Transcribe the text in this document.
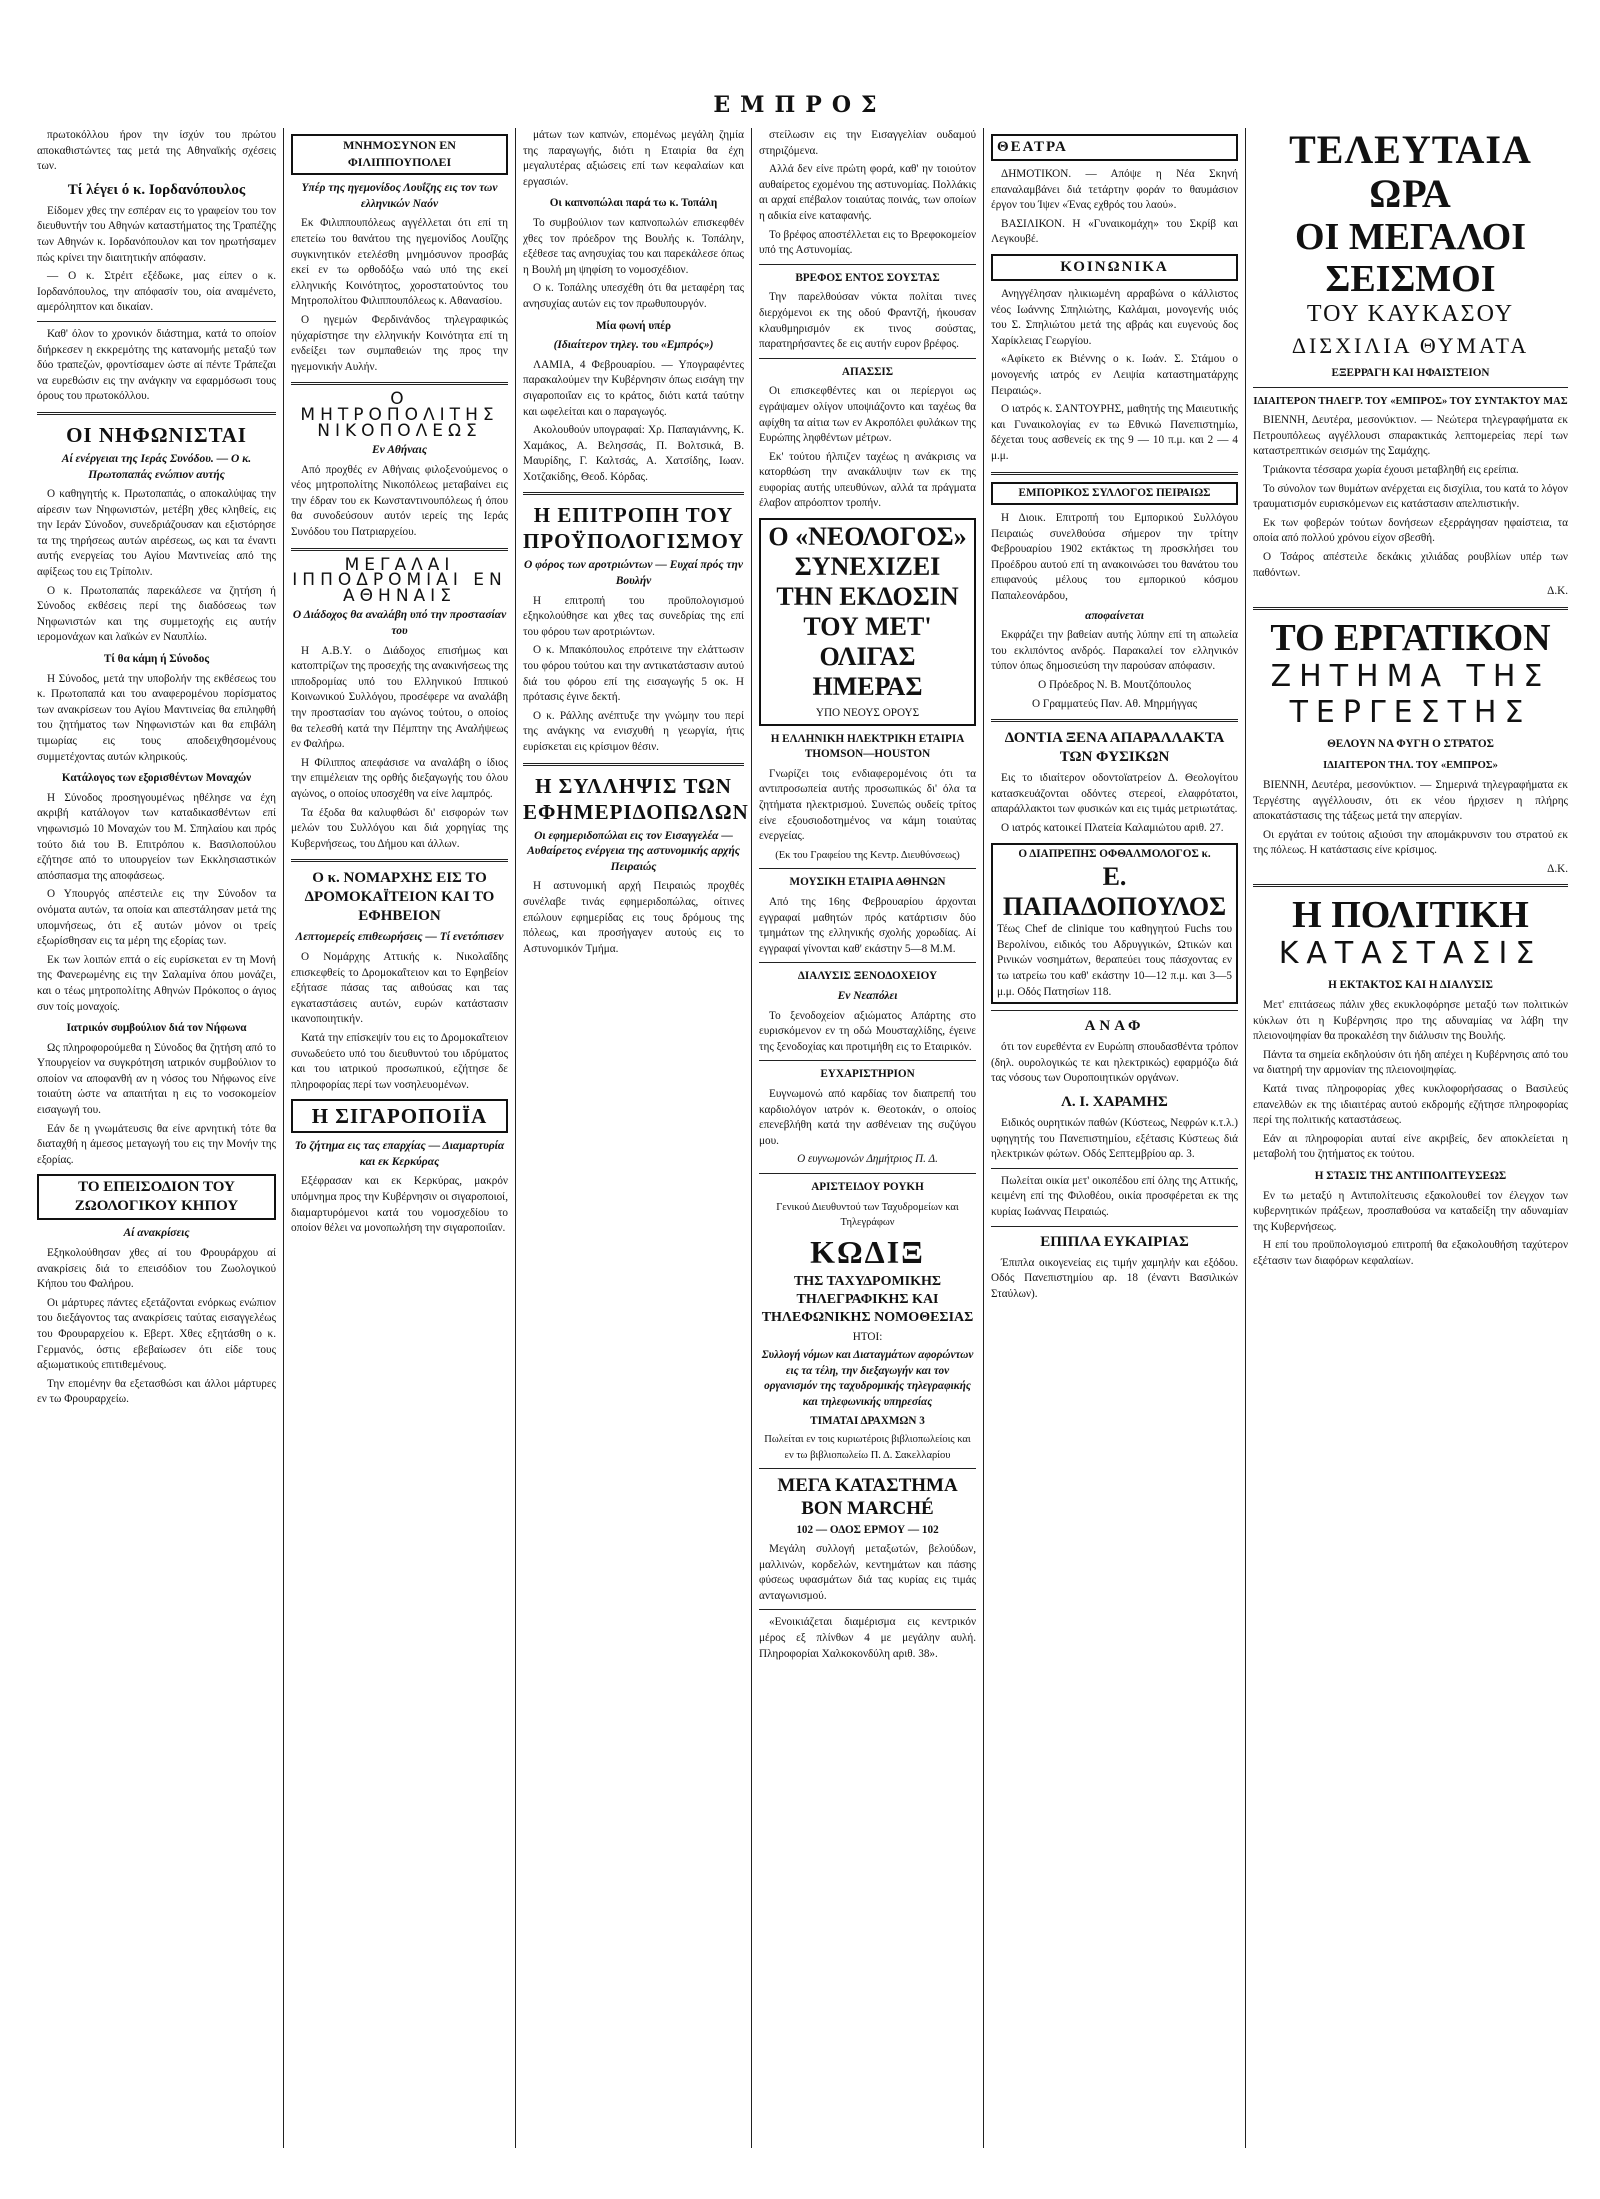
ΕΜΠΡΟΣ

πρωτοκόλλου ήρον την ίσχύν του πρώτου αποκαθιστώντες τας μετά της Αθηναϊκής σχέσεις των.

Τί λέγει ό κ. Ιορδανόπουλος

Είδομεν χθες την εσπέραν εις το γραφείον του τον διευθυντήν του Αθηνών καταστήματος της Τραπέζης των Αθηνών κ. Ιορδανόπουλον και τον ηρωτήσαμεν πώς κρίνει την διαιτητικήν απόφασιν.

— Ο κ. Στρέιτ εξέδωκε, μας είπεν ο κ. Ιορδανόπουλος, την απόφασίν του, οία αναμένετο, αμερόληπτον και δικαίαν.

Καθ' όλον το χρονικόν διάστημα, κατά το οποίον διήρκεσεν η εκκρεμότης της κατανομής μεταξύ των δύο τραπεζών, φροντίσαμεν ώστε αί πέντε Τράπεζαι να ευρεθώσιν εις την ανάγκην να εφαρμόσωσι τους όρους του πρωτοκόλλου.

ΟΙ ΝΗΦΩΝΙΣΤΑΙ

Αί ενέργειαι της Ιεράς Συνόδου. — Ο κ. Πρωτοπαπάς ενώπιον αυτής

Ο καθηγητής κ. Πρωτοπαπάς, ο αποκαλύψας την αίρεσιν των Νηφωνιστών, μετέβη χθες κληθείς, εις την Ιεράν Σύνοδον, συνεδριάζουσαν και εξιστόρησε τα της τηρήσεως αυτών αιρέσεως, ως και τα έναντι αυτής ενεργείας του Αγίου Μαντινείας από της αφίξεως του εις Τρίπολιν.

Ο κ. Πρωτοπαπάς παρεκάλεσε να ζητήση ή Σύνοδος εκθέσεις περί της διαδόσεως των Νηφωνιστών και της συμμετοχής εις αυτήν ιερομονάχων και λαϊκών εν Ναυπλίω.

Τί θα κάμη ή Σύνοδος

Η Σύνοδος, μετά την υποβολήν της εκθέσεως του κ. Πρωτοπαπά και του αναφερομένου πορίσματος των ανακρίσεων του Αγίου Μαντινείας θα επιληφθή του ζητήματος των Νηφωνιστών και θα επιβάλη τιμωρίας εις τους αποδειχθησομένους συμμετέχοντας αυτών κληρικούς.

Κατάλογος των εξορισθέντων Μοναχών

Η Σύνοδος προσηγουμένως ηθέλησε να έχη ακριβή κατάλογον των καταδικασθέντων επί νηφωνισμώ 10 Μοναχών του Μ. Σπηλαίου και πρός τούτο διά του Β. Επιτρόπου κ. Βασιλοπούλου εζήτησε από το υπουργείον των Εκκλησιαστικών απόσπασμα της αποφάσεως.

Ο Υπουργός απέστειλε εις την Σύνοδον τα ονόματα αυτών, τα οποία και απεστάλησαν μετά της υπομνήσεως, ότι εξ αυτών μόνον οι τρείς εξωρίσθησαν εις τα μέρη της εξορίας των.

Εκ των λοιπών επτά ο είς ευρίσκεται εν τη Μονή της Φανερωμένης εις την Σαλαμίνα όπου μονάζει, και ο τέως μητροπολίτης Αθηνών Πρόκοπος ο άγιος συν τοίς μοναχοίς.

Ιατρικόν συμβούλιον διά τον Νήφωνα

Ως πληροφορούμεθα η Σύνοδος θα ζητήση από το Υπουργείον να συγκρότηση ιατρικόν συμβούλιον το οποίον να αποφανθή αν η νόσος του Νήφωνος είνε τοιαύτη ώστε να απαιτήται η εις το νοσοκομείον εισαγωγή του.

Εάν δε η γνωμάτευσις θα είνε αρνητική τότε θα διαταχθή η άμεσος μεταγωγή του εις την Μονήν της εξορίας.

ΤΟ ΕΠΕΙΣΟΔΙΟΝ ΤΟΥ ΖΩΟΛΟΓΙΚΟΥ ΚΗΠΟΥ

Αί ανακρίσεις

Εξηκολούθησαν χθες αί του Φρουράρχου αί ανακρίσεις διά το επεισόδιον του Ζωολογικού Κήπου του Φαλήρου.

Οι μάρτυρες πάντες εξετάζονται ενόρκως ενώπιον του διεξάγοντος τας ανακρίσεις ταύτας εισαγγελέως του Φρουραρχείου κ. Εβερτ. Χθες εξητάσθη ο κ. Γερμανός, όστις εβεβαίωσεν ότι είδε τους αξιωματικούς επιτιθεμένους.

Την επομένην θα εξετασθώσι και άλλοι μάρτυρες εν τω Φρουραρχείω.

ΜΝΗΜΟΣΥΝΟΝ ΕΝ ΦΙΛΙΠΠΟΥΠΟΛΕΙ

Υπέρ της ηγεμονίδος Λουΐζης εις τον των ελληνικών Ναόν

Εκ Φιλιππουπόλεως αγγέλλεται ότι επί τη επετείω του θανάτου της ηγεμονίδος Λουΐζης συγκινητικόν ετελέσθη μνημόσυνον προσβάς εκεί εν τω ορθοδόξω ναώ υπό της εκεί ελληνικής Κοινότητος, χοροστατούντος του Μητροπολίτου Φιλιππουπόλεως κ. Αθανασίου.

Ο ηγεμών Φερδινάνδος τηλεγραφικώς ηύχαρίστησε την ελληνικήν Κοινότητα επί τη ενδείξει των συμπαθειών της προς την ηγεμονικήν Αυλήν.

Ο ΜΗΤΡΟΠΟΛΙΤΗΣ ΝΙΚΟΠΟΛΕΩΣ

Εν Αθήναις

Από προχθές εν Αθήναις φιλοξενούμενος ο νέος μητροπολίτης Νικοπόλεως μεταβαίνει εις την έδραν του εκ Κωνσταντινουπόλεως ή όπου θα συνοδεύσουν αυτόν ιερείς της Ιεράς Συνόδου του Πατριαρχείου.

ΜΕΓΑΛΑΙ ΙΠΠΟΔΡΟΜΙΑΙ ΕΝ ΑΘΗΝΑΙΣ

Ο Διάδοχος θα αναλάβη υπό την προστασίαν του

Η Α.Β.Υ. ο Διάδοχος επισήμως και κατοπτρίζων της προσεχής της ανακινήσεως της ιπποδρομίας υπό του Ελληνικού Ιππικού Κοινωνικού Συλλόγου, προσέφερε να αναλάβη την προστασίαν του αγώνος τούτου, ο οποίος θα τελεσθή κατά την Πέμπτην της Αναλήψεως εν Φαλήρω.

Η Φίλιππος απεφάσισε να αναλάβη ο ίδιος την επιμέλειαν της ορθής διεξαγωγής του όλου αγώνος, ο οποίος υποσχέθη να είνε λαμπρός.

Τα έξοδα θα καλυφθώσι δι' εισφορών των μελών του Συλλόγου και διά χορηγίας της Κυβερνήσεως, του Δήμου και άλλων.

Ο κ. ΝΟΜΑΡΧΗΣ ΕΙΣ ΤΟ ΔΡΟΜΟΚΑΪΤΕΙΟΝ ΚΑΙ ΤΟ ΕΦΗΒΕΙΟΝ

Λεπτομερείς επιθεωρήσεις — Τί ενετόπισεν

Ο Νομάρχης Αττικής κ. Νικολαΐδης επισκεφθείς το Δρομοκαΐτειον και το Εφηβείον εξήτασε πάσας τας αιθούσας και τας εγκαταστάσεις αυτών, ευρών κατάστασιν ικανοποιητικήν.

Κατά την επίσκεψίν του εις το Δρομοκαΐτειον συνωδεύετο υπό του διευθυντού του ιδρύματος και του ιατρικού προσωπικού, εζήτησε δε πληροφορίας περί των νοσηλευομένων.

Η ΣΙΓΑΡΟΠΟΙΪΑ

Το ζήτημα εις τας επαρχίας — Διαμαρτυρία και εκ Κερκύρας

Εξέφρασαν και εκ Κερκύρας, μακρόν υπόμνημα προς την Κυβέρνησιν οι σιγαροποιοί, διαμαρτυρόμενοι κατά του νομοσχεδίου το οποίον θέλει να μονοπωλήση την σιγαροποιΐαν.

μάτων των καπνών, επομένως μεγάλη ζημία της παραγωγής, διότι η Εταιρία θα έχη μεγαλυτέρας αξιώσεις επί των κεφαλαίων και εργασιών.

Οι καπνοπώλαι παρά τω κ. Τοπάλη

Το συμβούλιον των καπνοπωλών επισκεφθέν χθες τον πρόεδρον της Βουλής κ. Τοπάλην, εξέθεσε τας ανησυχίας του και παρεκάλεσε όπως η Βουλή μη ψηφίση το νομοσχέδιον.

Ο κ. Τοπάλης υπεσχέθη ότι θα μεταφέρη τας ανησυχίας αυτών εις τον πρωθυπουργόν.

Μία φωνή υπέρ

(Ιδιαίτερον τηλεγ. του «Εμπρός»)

ΛΑΜΙΑ, 4 Φεβρουαρίου. — Υπογραφέντες παρακαλούμεν την Κυβέρνησιν όπως εισάγη την σιγαροποιΐαν εις το κράτος, διότι κατά ταύτην και ωφελείται και ο παραγωγός.

Ακολουθούν υπογραφαί: Χρ. Παπαγιάννης, Κ. Χαμάκος, Α. Βελησσάς, Π. Βολτσικά, Β. Μαυρίδης, Γ. Καλτσάς, Α. Χατσίδης, Ιωαν. Χοτζακίδης, Θεοδ. Κόρδας.

Η ΕΠΙΤΡΟΠΗ ΤΟΥ ΠΡΟΫΠΟΛΟΓΙΣΜΟΥ

Ο φόρος των αροτριώντων — Ευχαί πρός την Βουλήν

Η επιτροπή του προϋπολογισμού εξηκολούθησε και χθες τας συνεδρίας της επί του φόρου των αροτριώντων.

Ο κ. Μπακόπουλος επρότεινε την ελάττωσιν του φόρου τούτου και την αντικατάστασιν αυτού διά του φόρου επί της εισαγωγής 5 οκ. Η πρότασις έγινε δεκτή.

Ο κ. Ράλλης ανέπτυξε την γνώμην του περί της ανάγκης να ενισχυθή η γεωργία, ήτις ευρίσκεται εις κρίσιμον θέσιν.

Η ΣΥΛΛΗΨΙΣ ΤΩΝ ΕΦΗΜΕΡΙΔΟΠΩΛΩΝ

Οι εφημεριδοπώλαι εις τον Εισαγγελέα — Αυθαίρετος ενέργεια της αστυνομικής αρχής Πειραιώς

Η αστυνομική αρχή Πειραιώς προχθές συνέλαβε τινάς εφημεριδοπώλας, οίτινες επώλουν εφημερίδας εις τους δρόμους της πόλεως, και προσήγαγεν αυτούς εις το Αστυνομικόν Τμήμα.

στείλωσιν εις την Εισαγγελίαν ουδαμού στηριζόμενα.

Αλλά δεν είνε πρώτη φορά, καθ' ην τοιούτον αυθαίρετος εχομένου της αστυνομίας. Πολλάκις αι αρχαί επέβαλον τοιαύτας ποινάς, των οποίων η αδικία είνε καταφανής.

Το βρέφος αποστέλλεται εις το Βρεφοκομείον υπό της Αστυνομίας.

ΒΡΕΦΟΣ ΕΝΤΟΣ ΣΟΥΣΤΑΣ

Την παρελθούσαν νύκτα πολίται τινες διερχόμενοι εκ της οδού Φραντζή, ήκουσαν κλαυθμηρισμόν εκ τινος σούστας, παρατηρήσαντες δε εις αυτήν ευρον βρέφος.

ΑΠΑΣΣΙΣ

Οι επισκεφθέντες και οι περίεργοι ως εγράψαμεν ολίγον υποψιάζοντο και ταχέως θα αφίχθη τα αίτια των εν Ακροπόλει φυλάκων της Ευρώπης ληφθέντων μέτρων.

Εκ' τούτου ήλπιζεν ταχέως η ανάκρισις να κατορθώση την ανακάλυψιν των εκ της ευφορίας αυτής υπευθύνων, αλλά τα πράγματα έλαβον απρόοπτον τροπήν.

Ο «ΝΕΟΛΟΓΟΣ» ΣΥΝΕΧΙΖΕΙ ΤΗΝ ΕΚΔΟΣΙΝ ΤΟΥ ΜΕΤ' ΟΛΙΓΑΣ ΗΜΕΡΑΣ
ΥΠΟ ΝΕΟΥΣ ΟΡΟΥΣ

Η ΕΛΛΗΝΙΚΗ ΗΛΕΚΤΡΙΚΗ ΕΤΑΙΡΙΑ THOMSON—HOUSTON

Γνωρίζει τοις ενδιαφερομένοις ότι τα αντιπροσωπεία αυτής προσωπικώς δι' όλα τα ζητήματα ηλεκτρισμού. Συνεπώς ουδείς τρίτος είνε εξουσιοδοτημένος να κάμη τοιαύτας ενεργείας.

(Εκ του Γραφείου της Κεντρ. Διευθύνσεως)

ΜΟΥΣΙΚΗ ΕΤΑΙΡΙΑ ΑΘΗΝΩΝ

Από της 16ης Φεβρουαρίου άρχονται εγγραφαί μαθητών πρός κατάρτισιν δύο τμημάτων της ελληνικής σχολής χορωδίας. Αί εγγραφαί γίνονται καθ' εκάστην 5—8 Μ.Μ.

ΔΙΑΛΥΣΙΣ ΞΕΝΟΔΟΧΕΙΟΥ

Εν Νεαπόλει

Το ξενοδοχείον αξιώματος Απάρτης στο ευρισκόμενον εν τη οδώ Μουσταχλίδης, έγεινε της ξενοδοχίας και προτιμήθη εις το Εταιρικόν.

ΕΥΧΑΡΙΣΤΗΡΙΟΝ

Ευγνωμονώ από καρδίας τον διαπρεπή του καρδιολόγον ιατρόν κ. Θεοτοκάν, ο οποίος επενεβλήθη κατά την ασθένειαν της συζύγου μου.

Ο ευγνωμονών Δημήτριος Π. Δ.

ΑΡΙΣΤΕΙΔΟΥ ΡΟΥΚΗ

Γενικού Διευθυντού των Ταχυδρομείων και Τηλεγράφων

ΚΩΔΙΞ

ΤΗΣ ΤΑΧΥΔΡΟΜΙΚΗΣ ΤΗΛΕΓΡΑΦΙΚΗΣ ΚΑΙ ΤΗΛΕΦΩΝΙΚΗΣ ΝΟΜΟΘΕΣΙΑΣ

ΗΤΟΙ:

Συλλογή νόμων και Διαταγμάτων αφορώντων εις τα τέλη, την διεξαγωγήν και τον οργανισμόν της ταχυδρομικής τηλεγραφικής και τηλεφωνικής υπηρεσίας

ΤΙΜΑΤΑΙ ΔΡΑΧΜΩΝ 3

Πωλείται εν τοις κυριωτέροις βιβλιοπωλείοις και εν τω βιβλιοπωλείω Π. Δ. Σακελλαρίου

ΜΕΓΑ ΚΑΤΑΣΤΗΜΑ BON MARCHÉ

102 — ΟΔΟΣ ΕΡΜΟΥ — 102

Μεγάλη συλλογή μεταξωτών, βελούδων, μαλλινών, κορδελών, κεντημάτων και πάσης φύσεως υφασμάτων διά τας κυρίας εις τιμάς ανταγωνισμού.

«Ενοικιάζεται διαμέρισμα εις κεντρικόν μέρος εξ πλίνθων 4 με μεγάλην αυλή. Πληροφορίαι Χαλκοκονδύλη αριθ. 38».

ΘΕΑΤΡΑ

ΔΗΜΟΤΙΚΟΝ. — Απόψε η Νέα Σκηνή επαναλαμβάνει διά τετάρτην φοράν το θαυμάσιον έργον του Ίψεν «Ένας εχθρός του λαού».

ΒΑΣΙΛΙΚΟΝ. Η «Γυναικομάχη» του Σκρίβ και Λεγκουβέ.

ΚΟΙΝΩΝΙΚΑ

Ανηγγέλησαν ηλικιωμένη αρραβώνα ο κάλλιστος νέος Ιωάννης Σπηλιώτης, Καλάμαι, μονογενής υιός του Σ. Σπηλιώτου μετά της αβράς και ευγενούς δος Χαρίκλειας Γεωργίου.

«Αφίκετο εκ Βιέννης ο κ. Ιωάν. Σ. Στάμου ο μονογενής ιατρός εν Λειψία καταστηματάρχης Πειραιώς».

Ο ιατρός κ. ΣΑΝΤΟΥΡΗΣ, μαθητής της Μαιευτικής και Γυναικολογίας εν τω Εθνικώ Πανεπιστημίω, δέχεται τους ασθενείς εκ της 9 — 10 π.μ. και 2 — 4 μ.μ.

ΕΜΠΟΡΙΚΟΣ ΣΥΛΛΟΓΟΣ ΠΕΙΡΑΙΩΣ

Η Διοικ. Επιτροπή του Εμπορικού Συλλόγου Πειραιώς συνελθούσα σήμερον την τρίτην Φεβρουαρίου 1902 εκτάκτως τη προσκλήσει του Προέδρου αυτού επί τη ανακοινώσει του θανάτου του επιφανούς μέλους του εμπορικού κόσμου Παπαλεονάρδου,

αποφαίνεται

Εκφράζει την βαθείαν αυτής λύπην επί τη απωλεία του εκλιπόντος ανδρός. Παρακαλεί τον ελληνικόν τύπον όπως δημοσιεύση την παρούσαν απόφασιν.

Ο Πρόεδρος Ν. Β. Μουτζόπουλος

Ο Γραμματεύς Παν. Αθ. Μηρμήγγας

ΔΟΝΤΙΑ ΞΕΝΑ ΑΠΑΡΑΛΛΑΚΤΑ ΤΩΝ ΦΥΣΙΚΩΝ

Εις το ιδιαίτερον οδοντοϊατρείον Δ. Θεολογίτου κατασκευάζονται οδόντες στερεοί, ελαφρότατοι, απαράλλακτοι των φυσικών και εις τιμάς μετριωτάτας.

Ο ιατρός κατοικεί Πλατεία Καλαμιώτου αριθ. 27.

Ο ΔΙΑΠΡΕΠΗΣ ΟΦΘΑΛΜΟΛΟΓΟΣ κ.
Ε. ΠΑΠΑΔΟΠΟΥΛΟΣ
Τέως Chef de clinique του καθηγητού Fuchs του Βερολίνου, ειδικός του Αδρυγγικών, Ωτικών και Ρινικών νοσημάτων, θεραπεύει τους πάσχοντας εν τω ιατρείω του καθ' εκάστην 10—12 π.μ. και 3—5 μ.μ. Οδός Πατησίων 118.

ΑΝΑΦ

ότι τον ευρεθέντα εν Ευρώπη σπουδασθέντα τρόπον (δηλ. ουρολογικώς τε και ηλεκτρικώς) εφαρμόζω διά τας νόσους των Ουροποιητικών οργάνων.

Λ. Ι. ΧΑΡΑΜΗΣ

Ειδικός ουρητικών παθών (Κύστεως, Νεφρών κ.τ.λ.) υφηγητής του Πανεπιστημίου, εξέτασις Κύστεως διά ηλεκτρικών φώτων. Οδός Σεπτεμβρίου αρ. 3.

Πωλείται οικία μετ' οικοπέδου επί όλης της Αττικής, κειμένη επί της Φιλοθέου, οικία προσφέρεται εκ της κυρίας Ιωάννας Πειραιώς.

ΕΠΙΠΛΑ ΕΥΚΑΙΡΙΑΣ

Έπιπλα οικογενείας εις τιμήν χαμηλήν και εξόδου. Οδός Πανεπιστημίου αρ. 18 (έναντι Βασιλικών Σταύλων).

ΤΕΛΕΥΤΑΙΑ ΩΡΑ
ΟΙ ΜΕΓΑΛΟΙ ΣΕΙΣΜΟΙ
ΤΟΥ ΚΑΥΚΑΣΟΥ
ΔΙΣΧΙΛΙΑ ΘΥΜΑΤΑ

ΕΞΕΡΡΑΓΗ ΚΑΙ ΗΦΑΙΣΤΕΙΟΝ

ΙΔΙΑΙΤΕΡΟΝ ΤΗΛΕΓΡ. ΤΟΥ «ΕΜΠΡΟΣ» ΤΟΥ ΣΥΝΤΑΚΤΟΥ ΜΑΣ

ΒΙΕΝΝΗ, Δευτέρα, μεσονύκτιον. — Νεώτερα τηλεγραφήματα εκ Πετρουπόλεως αγγέλλουσι σπαρακτικάς λεπτομερείας περί των καταστρεπτικών σεισμών της Σαμάχης.

Τριάκοντα τέσσαρα χωρία έχουσι μεταβληθή εις ερείπια.

Το σύνολον των θυμάτων ανέρχεται εις δισχίλια, του κατά το λόγον τραυματισμόν ευρισκόμενων εις κατάστασιν απελπιστικήν.

Εκ των φοβερών τούτων δονήσεων εξερράγησαν ηφαίστεια, τα οποία από πολλού χρόνου είχον σβεσθή.

Ο Τσάρος απέστειλε δεκάκις χιλιάδας ρουβλίων υπέρ των παθόντων.

Δ.Κ.

ΤΟ ΕΡΓΑΤΙΚΟΝ
ΖΗΤΗΜΑ ΤΗΣ ΤΕΡΓΕΣΤΗΣ

ΘΕΛΟΥΝ ΝΑ ΦΥΓΗ Ο ΣΤΡΑΤΟΣ

ΙΔΙΑΙΤΕΡΟΝ ΤΗΛ. ΤΟΥ «ΕΜΠΡΟΣ»

ΒΙΕΝΝΗ, Δευτέρα, μεσονύκτιον. — Σημερινά τηλεγραφήματα εκ Τεργέστης αγγέλλουσιν, ότι εκ νέου ήρχισεν η πλήρης αποκατάστασις της τάξεως μετά την απεργίαν.

Οι εργάται εν τούτοις αξιούσι την απομάκρυνσιν του στρατού εκ της πόλεως. Η κατάστασις είνε κρίσιμος.

Δ.Κ.

Η ΠΟΛΙΤΙΚΗ
ΚΑΤΑΣΤΑΣΙΣ

Η ΕΚΤΑΚΤΟΣ ΚΑΙ Η ΔΙΑΛΥΣΙΣ

Μετ' επιτάσεως πάλιν χθες εκυκλοφόρησε μεταξύ των πολιτικών κύκλων ότι η Κυβέρνησις προ της αδυναμίας να λάβη την πλειονοψηφίαν θα προκαλέση την διάλυσιν της Βουλής.

Πάντα τα σημεία εκδηλούσιν ότι ήδη απέχει η Κυβέρνησις από του να διατηρή την αρμονίαν της πλειονοψηφίας.

Κατά τινας πληροφορίας χθες κυκλοφορήσασας ο Βασιλεύς επανελθών εκ της ιδιαιτέρας αυτού εκδρομής εζήτησε πληροφορίας περί της πολιτικής καταστάσεως.

Εάν αι πληροφορίαι αυταί είνε ακριβείς, δεν αποκλείεται η μεταβολή του ζητήματος εκ τούτου.

Η ΣΤΑΣΙΣ ΤΗΣ ΑΝΤΙΠΟΛΙΤΕΥΣΕΩΣ

Εν τω μεταξύ η Αντιπολίτευσις εξακολουθεί τον έλεγχον των κυβερνητικών πράξεων, προσπαθούσα να καταδείξη την αδυναμίαν της Κυβερνήσεως.

Η επί του προϋπολογισμού επιτροπή θα εξακολουθήση ταχύτερον εξέτασιν των διαφόρων κεφαλαίων.
